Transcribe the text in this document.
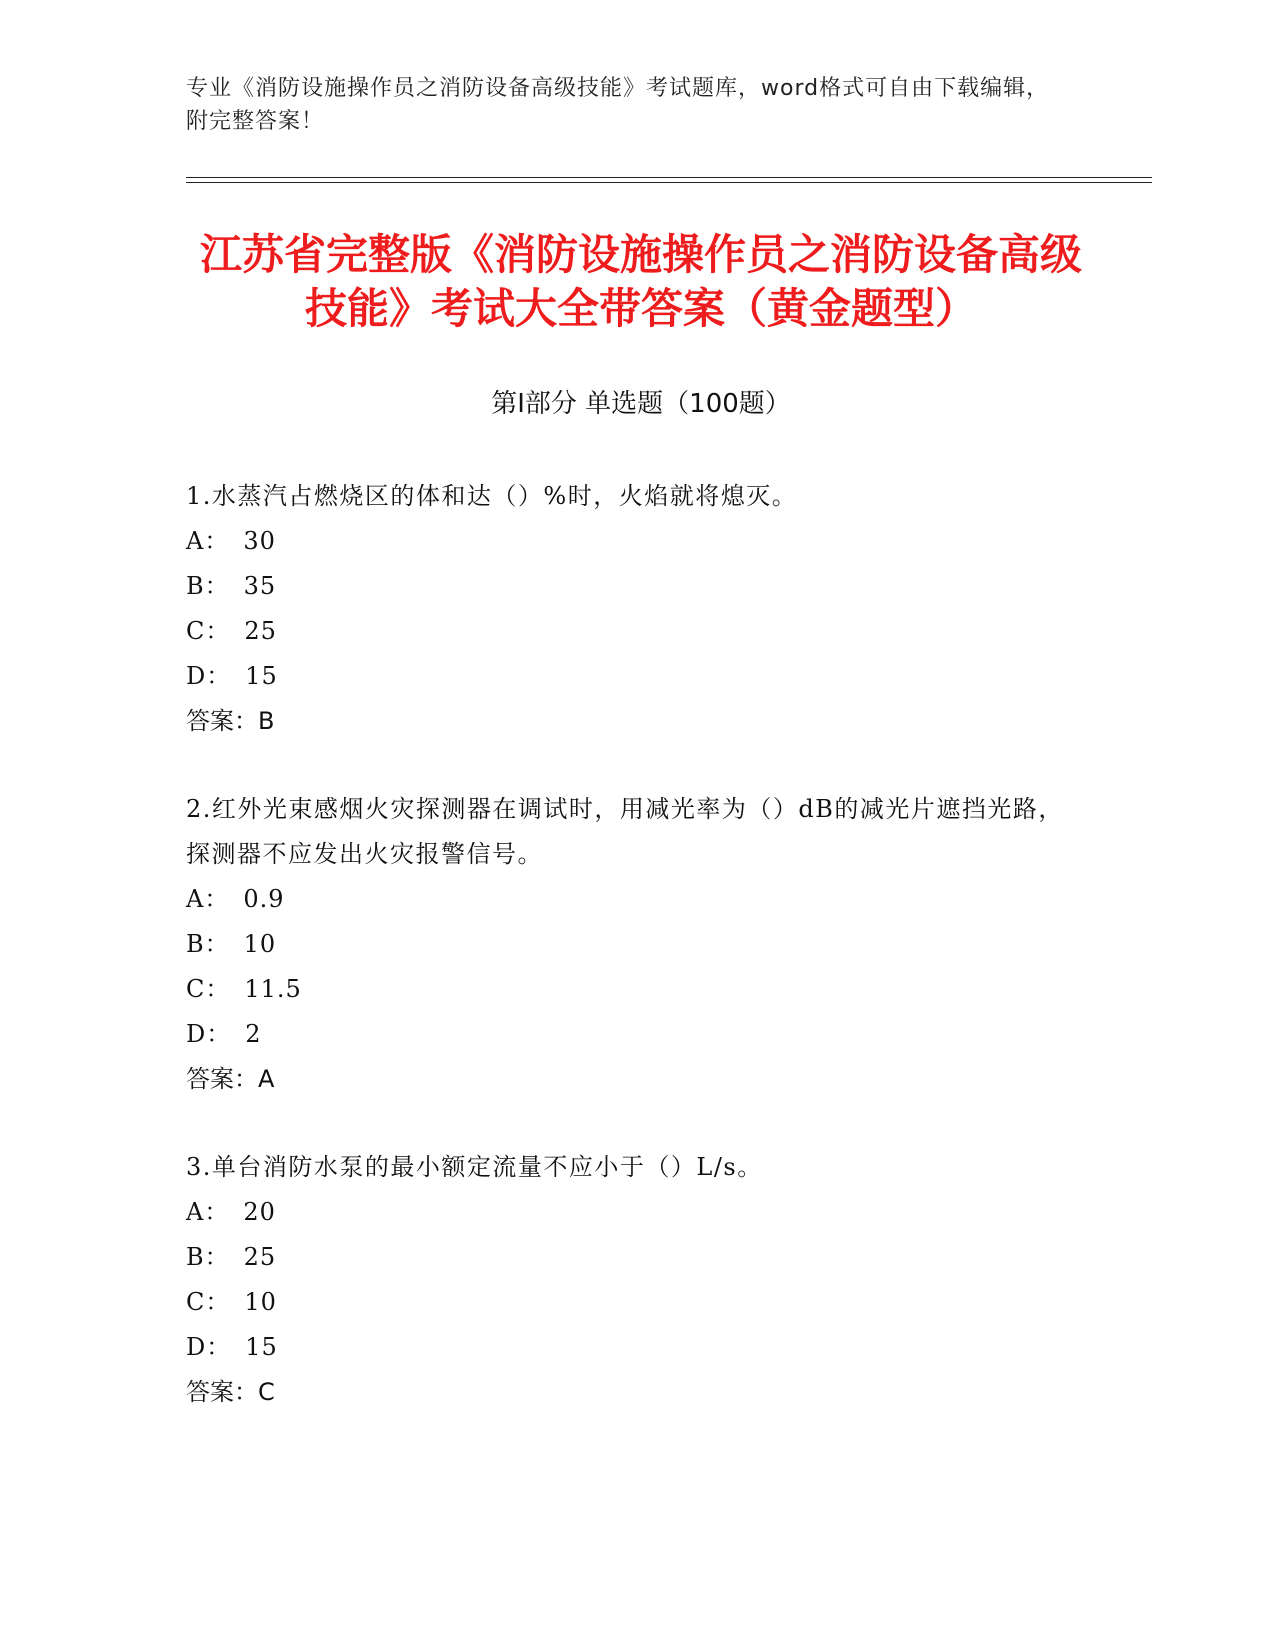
专业《消防设施操作员之消防设备高级技能》考试题库，word格式可自由下载编辑，附完整答案！
江苏省完整版《消防设施操作员之消防设备高级技能》考试大全带答案（黄金题型）
第Ⅰ部分 单选题（100题）
1.水蒸汽占燃烧区的体和达（）%时，火焰就将熄灭。
A： 30
B： 35
C： 25
D： 15
答案：B
2.红外光束感烟火灾探测器在调试时，用减光率为（）dB的减光片遮挡光路，探测器不应发出火灾报警信号。
A： 0.9
B： 10
C： 11.5
D： 2
答案：A
3.单台消防水泵的最小额定流量不应小于（）L/s。
A： 20
B： 25
C： 10
D： 15
答案：C
